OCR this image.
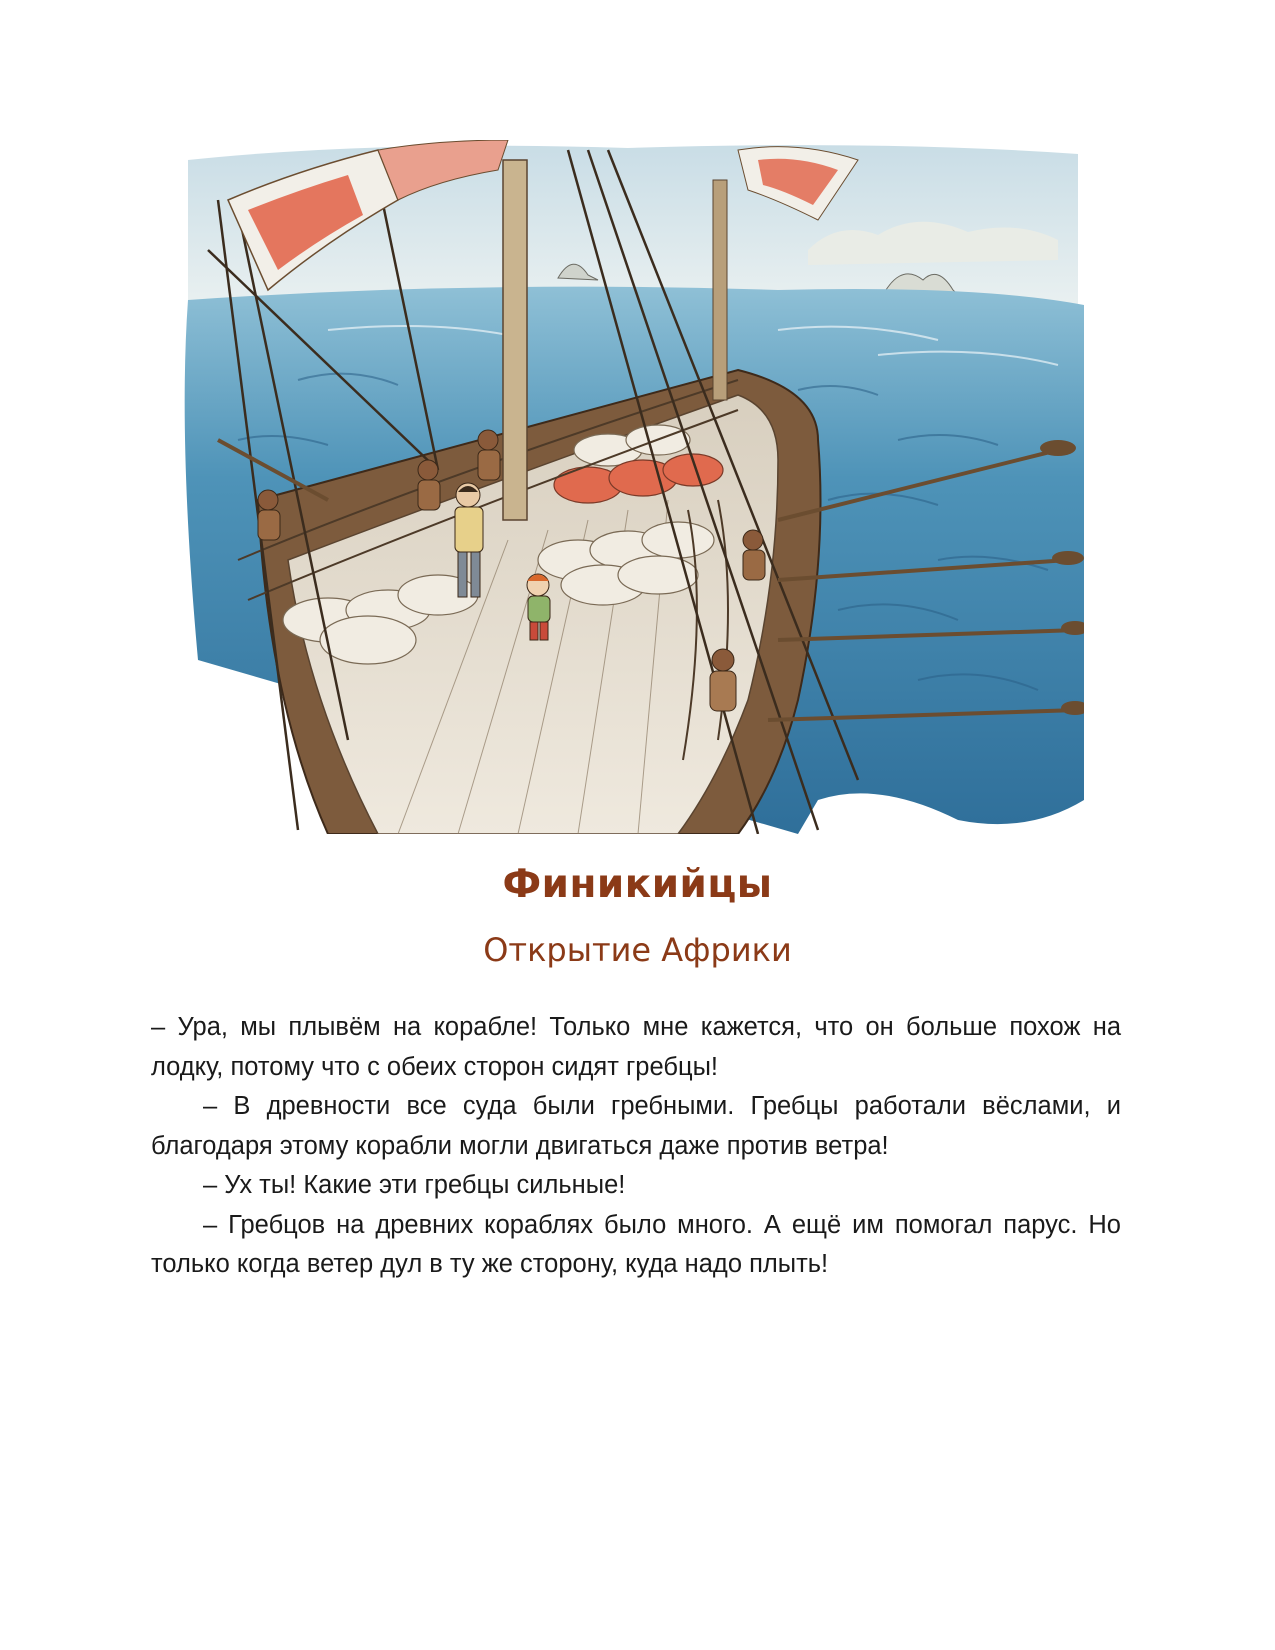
Финикийцы
Открытие Африки

– Ура, мы плывём на корабле! Только мне кажется, что он больше похож на лодку, потому что с обеих сторон сидят гребцы!

– В древности все суда были гребными. Гребцы работали вёслами, и благодаря этому корабли могли двигаться даже против ветра!

– Ух ты! Какие эти гребцы сильные!

– Гребцов на древних кораблях было много. А ещё им помогал парус. Но только когда ветер дул в ту же сторону, куда надо плыть!
